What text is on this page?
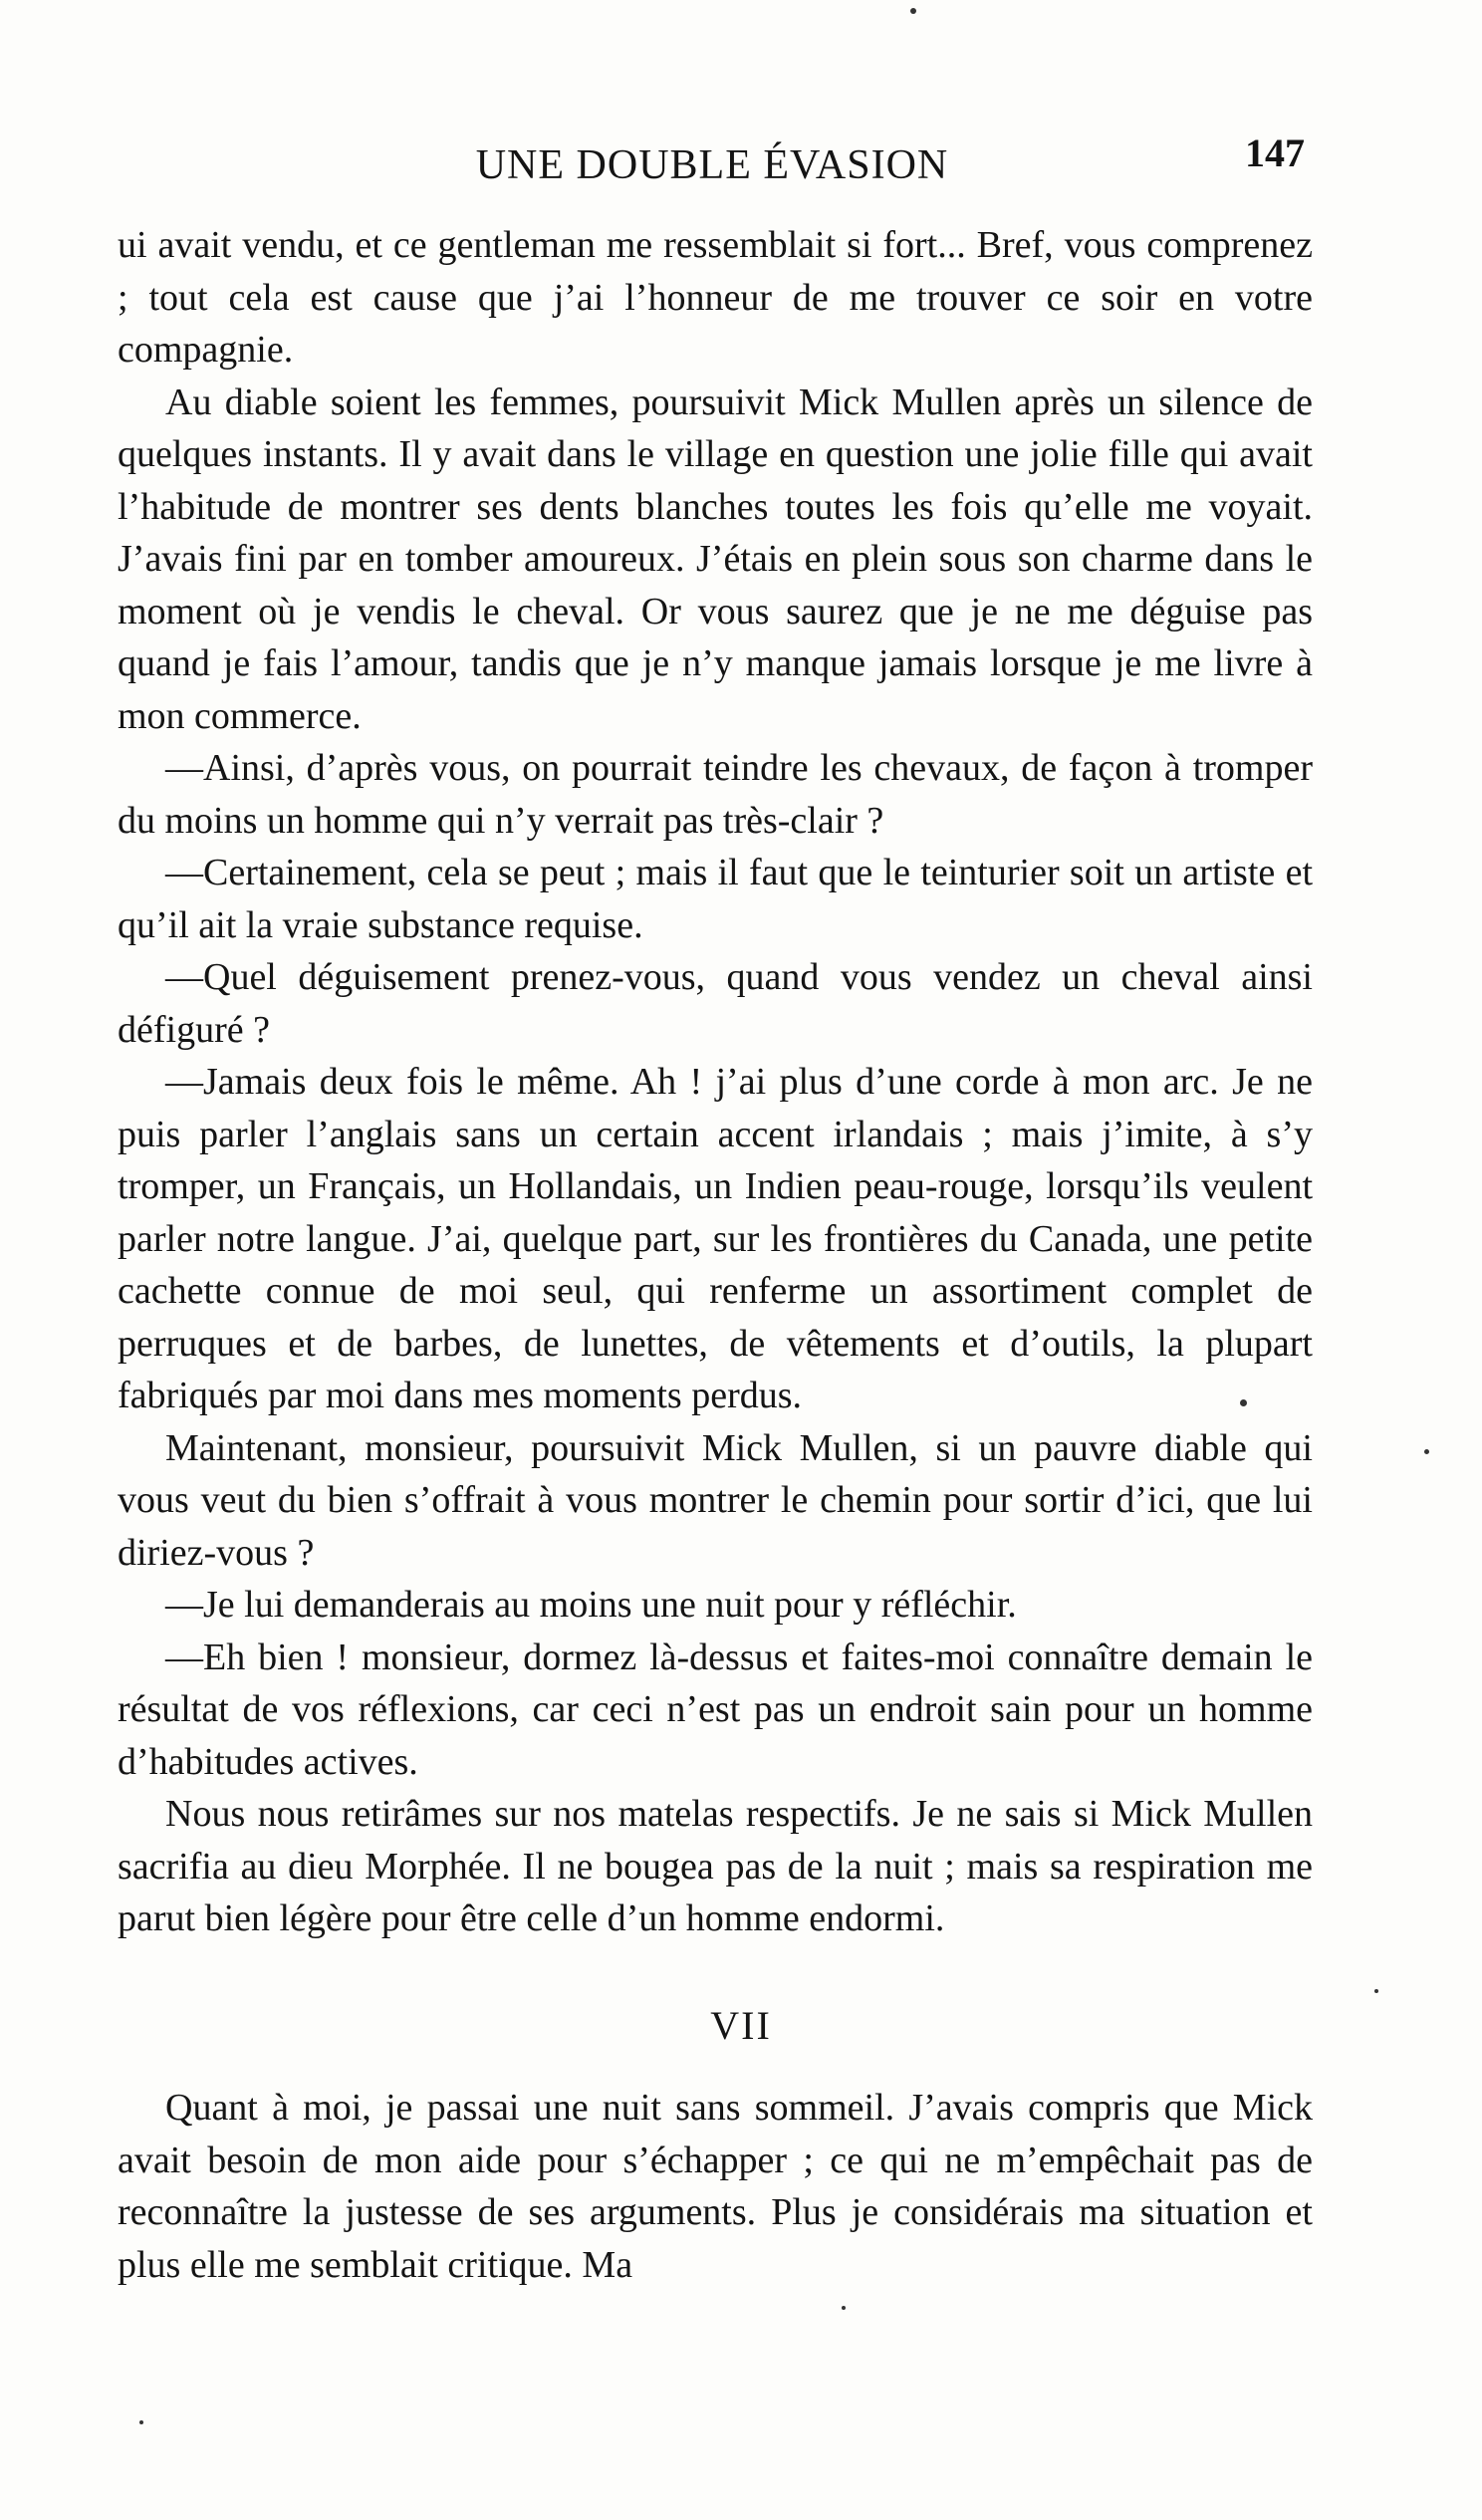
UNE DOUBLE ÉVASION	147

ui avait vendu, et ce gentleman me ressemblait si fort... Bref, vous comprenez ; tout cela est cause que j’ai l’honneur de me trouver ce soir en votre compagnie.

Au diable soient les femmes, poursuivit Mick Mullen après un silence de quelques instants. Il y avait dans le village en question une jolie fille qui avait l’habitude de montrer ses dents blanches toutes les fois qu’elle me voyait. J’avais fini par en tomber amoureux. J’étais en plein sous son charme dans le moment où je vendis le cheval. Or vous saurez que je ne me déguise pas quand je fais l’amour, tandis que je n’y manque jamais lorsque je me livre à mon commerce.

—Ainsi, d’après vous, on pourrait teindre les chevaux, de façon à tromper du moins un homme qui n’y verrait pas très-clair ?

—Certainement, cela se peut ; mais il faut que le teinturier soit un artiste et qu’il ait la vraie substance requise.

—Quel déguisement prenez-vous, quand vous vendez un cheval ainsi défiguré ?

—Jamais deux fois le même. Ah ! j’ai plus d’une corde à mon arc. Je ne puis parler l’anglais sans un certain accent irlandais ; mais j’imite, à s’y tromper, un Français, un Hollandais, un Indien peau-rouge, lorsqu’ils veulent parler notre langue. J’ai, quelque part, sur les frontières du Canada, une petite cachette connue de moi seul, qui renferme un assortiment complet de perruques et de barbes, de lunettes, de vêtements et d’outils, la plupart fabriqués par moi dans mes moments perdus.

Maintenant, monsieur, poursuivit Mick Mullen, si un pauvre diable qui vous veut du bien s’offrait à vous montrer le chemin pour sortir d’ici, que lui diriez-vous ?

—Je lui demanderais au moins une nuit pour y réfléchir.

—Eh bien ! monsieur, dormez là-dessus et faites-moi connaître demain le résultat de vos réflexions, car ceci n’est pas un endroit sain pour un homme d’habitudes actives.

Nous nous retirâmes sur nos matelas respectifs. Je ne sais si Mick Mullen sacrifia au dieu Morphée. Il ne bougea pas de la nuit ; mais sa respiration me parut bien légère pour être celle d’un homme endormi.

VII

Quant à moi, je passai une nuit sans sommeil. J’avais compris que Mick avait besoin de mon aide pour s’échapper ; ce qui ne m’empêchait pas de reconnaître la justesse de ses arguments. Plus je considérais ma situation et plus elle me semblait critique. Ma
